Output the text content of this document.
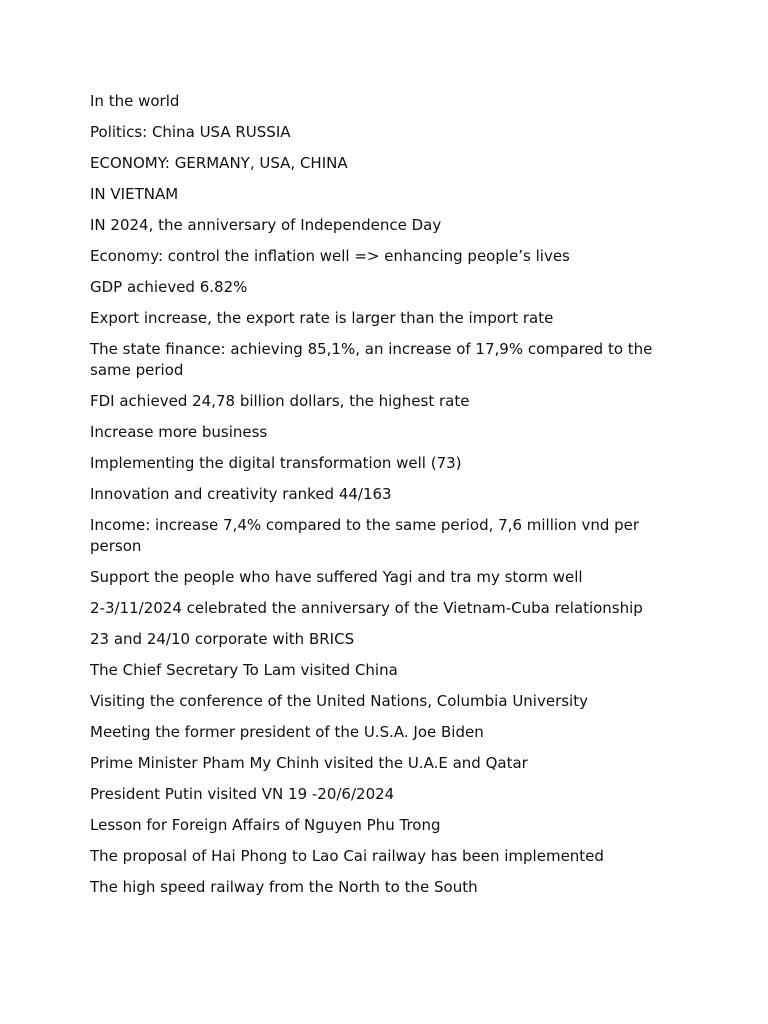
In the world

Politics: China USA RUSSIA

ECONOMY: GERMANY, USA, CHINA

IN VIETNAM

IN 2024, the anniversary of Independence Day

Economy: control the inflation well => enhancing people’s lives

GDP achieved 6.82%

Export increase, the export rate is larger than the import rate

The state finance: achieving 85,1%, an increase of 17,9% compared to the same period

FDI achieved 24,78 billion dollars, the highest rate

Increase more business

Implementing the digital transformation well (73)

Innovation and creativity ranked 44/163

Income: increase 7,4% compared to the same period, 7,6 million vnd per person

Support the people who have suffered Yagi and tra my storm well

2-3/11/2024 celebrated the anniversary of the Vietnam-Cuba relationship

23 and 24/10 corporate with BRICS

The Chief Secretary To Lam visited China

Visiting the conference of the United Nations, Columbia University

Meeting the former president of the U.S.A. Joe Biden

Prime Minister Pham My Chinh visited the U.A.E and Qatar

President Putin visited VN 19 -20/6/2024

Lesson for Foreign Affairs of Nguyen Phu Trong

The proposal of Hai Phong to Lao Cai railway has been implemented

The high speed railway from the North to the South
